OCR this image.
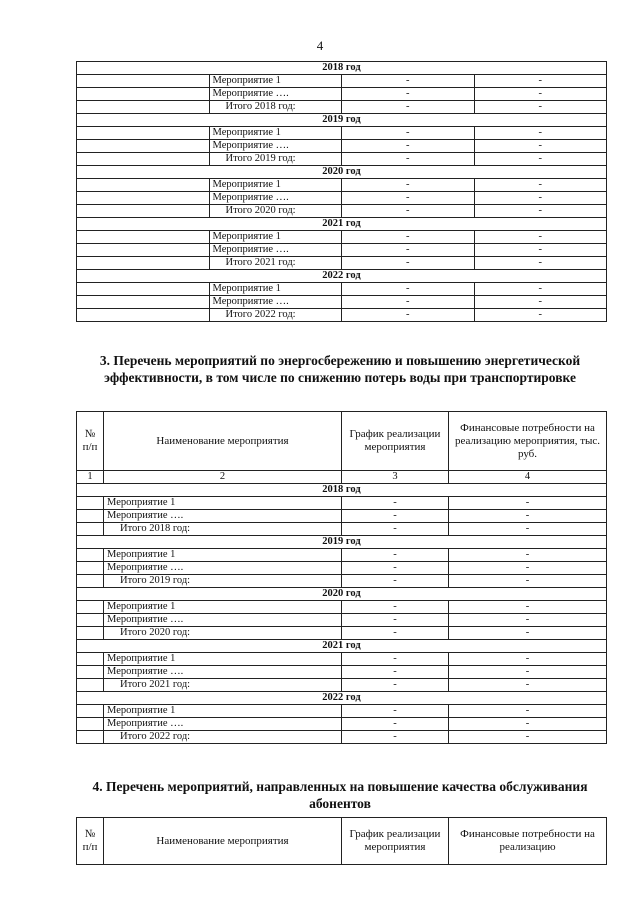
4
2018 год			
	Мероприятие 1	-	-
	Мероприятие ….	-	-
	Итого 2018 год:	-	-
2019 год			
	Мероприятие 1	-	-
	Мероприятие ….	-	-
	Итого 2019 год:	-	-
2020 год			
	Мероприятие 1	-	-
	Мероприятие ….	-	-
	Итого 2020 год:	-	-
2021 год			
	Мероприятие 1	-	-
	Мероприятие ….	-	-
	Итого 2021 год:	-	-
2022 год			
	Мероприятие 1	-	-
	Мероприятие ….	-	-
	Итого 2022 год:	-	-
3. Перечень мероприятий по энергосбережению и повышению энергетической эффективности, в том числе по снижению потерь воды при транспортировке
№ п/п	Наименование мероприятия	График реализации мероприятия	Финансовые потребности на реализацию мероприятия, тыс. руб.
1	2	3	4
2018 год			
	Мероприятие 1	-	-
	Мероприятие ….	-	-
	Итого 2018 год:	-	-
2019 год			
	Мероприятие 1	-	-
	Мероприятие ….	-	-
	Итого 2019 год:	-	-
2020 год			
	Мероприятие 1	-	-
	Мероприятие ….	-	-
	Итого 2020 год:	-	-
2021 год			
	Мероприятие 1	-	-
	Мероприятие ….	-	-
	Итого 2021 год:	-	-
2022 год			
	Мероприятие 1	-	-
	Мероприятие ….	-	-
	Итого 2022 год:	-	-
4. Перечень мероприятий, направленных на повышение качества обслуживания абонентов
№ п/п	Наименование мероприятия	График реализации мероприятия	Финансовые потребности на реализацию
